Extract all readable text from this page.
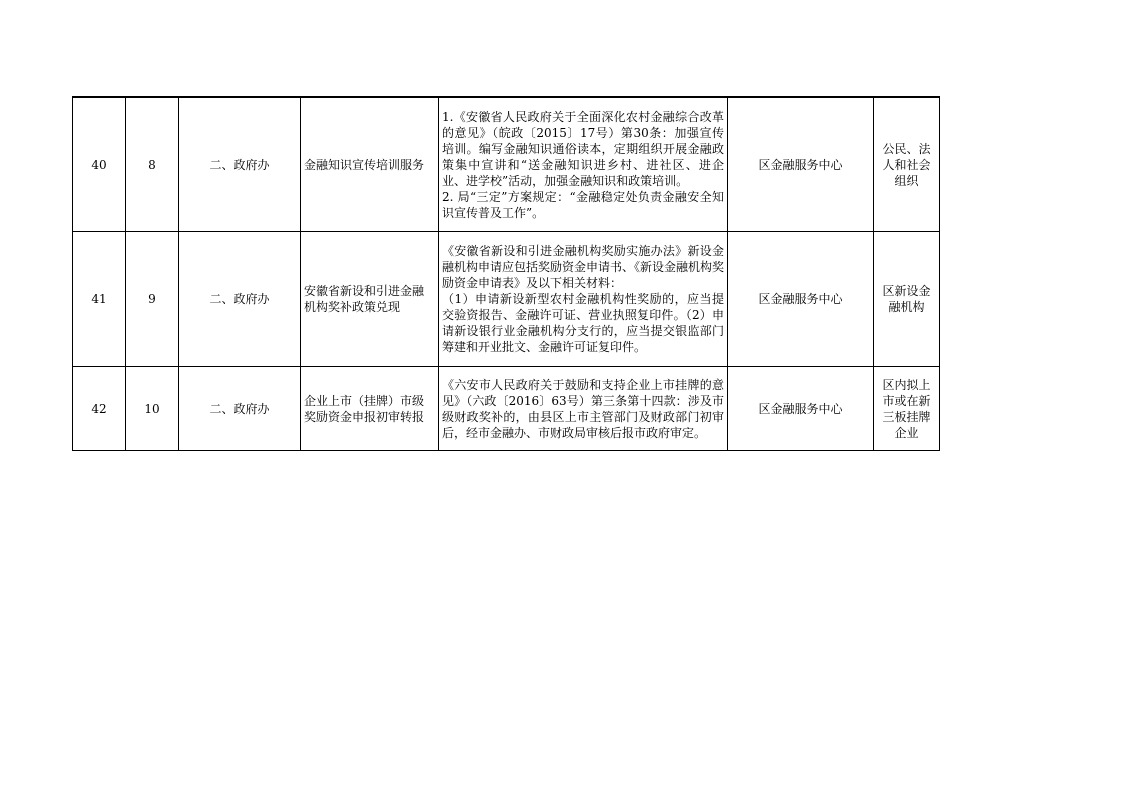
40	8	二、政府办	金融知识宣传培训服务	1.《安徽省人民政府关于全面深化农村金融综合改革的意见》（皖政〔2015〕17号）第30条：加强宣传培训。编写金融知识通俗读本，定期组织开展金融政策集中宣讲和“送金融知识进乡村、进社区、进企业、进学校”活动，加强金融知识和政策培训。
2. 局“三定”方案规定：“金融稳定处负责金融安全知识宣传普及工作”。	区金融服务中心	公民、法人和社会组织
41	9	二、政府办	安徽省新设和引进金融机构奖补政策兑现	《安徽省新设和引进金融机构奖励实施办法》新设金融机构申请应包括奖励资金申请书、《新设金融机构奖励资金申请表》及以下相关材料：
（1）申请新设新型农村金融机构性奖励的，应当提交验资报告、金融许可证、营业执照复印件。（2）申请新设银行业金融机构分支行的，应当提交银监部门筹建和开业批文、金融许可证复印件。	区金融服务中心	区新设金融机构
42	10	二、政府办	企业上市（挂牌）市级奖励资金申报初审转报	《六安市人民政府关于鼓励和支持企业上市挂牌的意见》（六政〔2016〕63号）第三条第十四款：涉及市级财政奖补的，由县区上市主管部门及财政部门初审后，经市金融办、市财政局审核后报市政府审定。	区金融服务中心	区内拟上市或在新三板挂牌企业
